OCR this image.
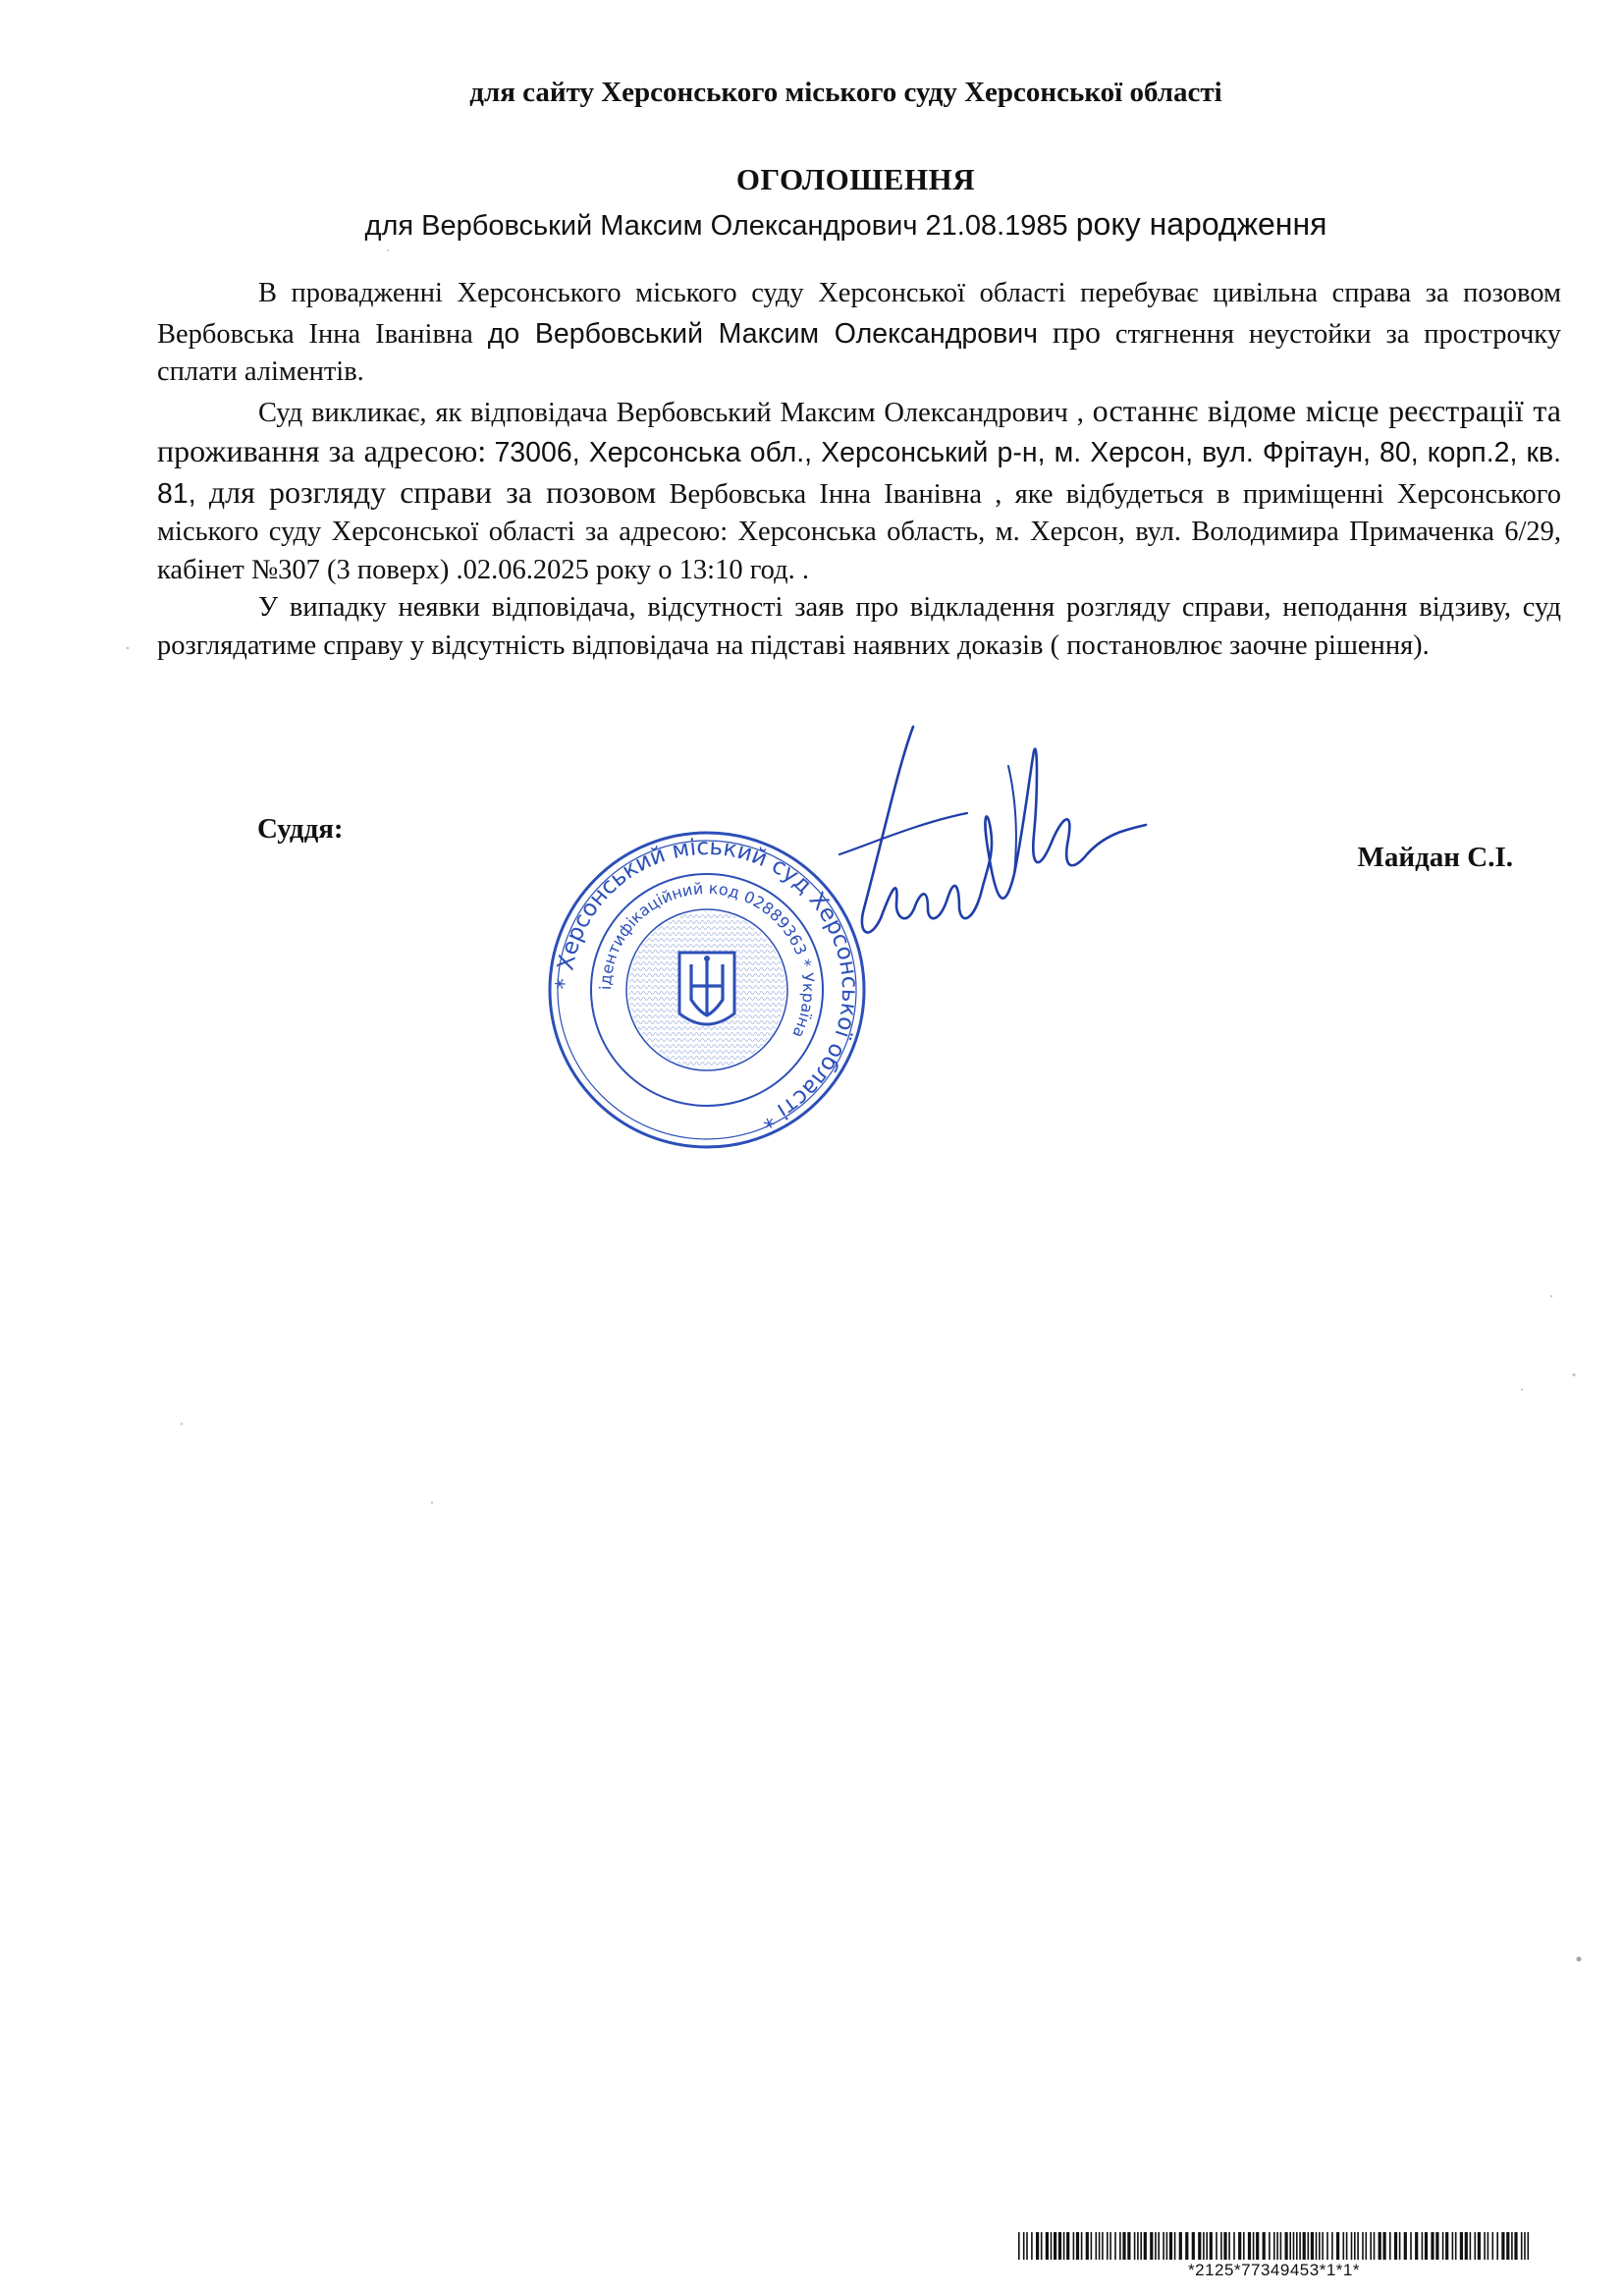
для сайту Херсонського міського суду Херсонської області
ОГОЛОШЕННЯ
для Вербовський Максим Олександрович 21.08.1985 року народження

В провадженні Херсонського міського суду Херсонської області перебуває цивільна справа за позовом Вербовська Інна Іванівна до Вербовський Максим Олександрович про стягнення неустойки за прострочку сплати аліментів.

Суд викликає, як відповідача Вербовський Максим Олександрович , останнє відоме місце реєстрації та проживання за адресою: 73006, Херсонська обл., Херсонський р-н, м. Херсон, вул. Фрітаун, 80, корп.2, кв. 81, для розгляду справи за позовом Вербовська Інна Іванівна , яке відбудеться в приміщенні Херсонського міського суду Херсонської області за адресою: Херсонська область, м. Херсон, вул. Володимира Примаченка 6/29, кабінет №307 (3 поверх) .02.06.2025 року о 13:10 год. .

У випадку неявки відповідача, відсутності заяв про відкладення розгляду справи, неподання відзиву, суд розглядатиме справу у відсутність відповідача на підставі наявних доказів ( постановлює заочне рішення).

Суддя:
Майдан С.І.
* Херсонський міський суд Херсонської області *
ідентифікаційний код 02889363 * Україна
*2125*77349453*1*1*
